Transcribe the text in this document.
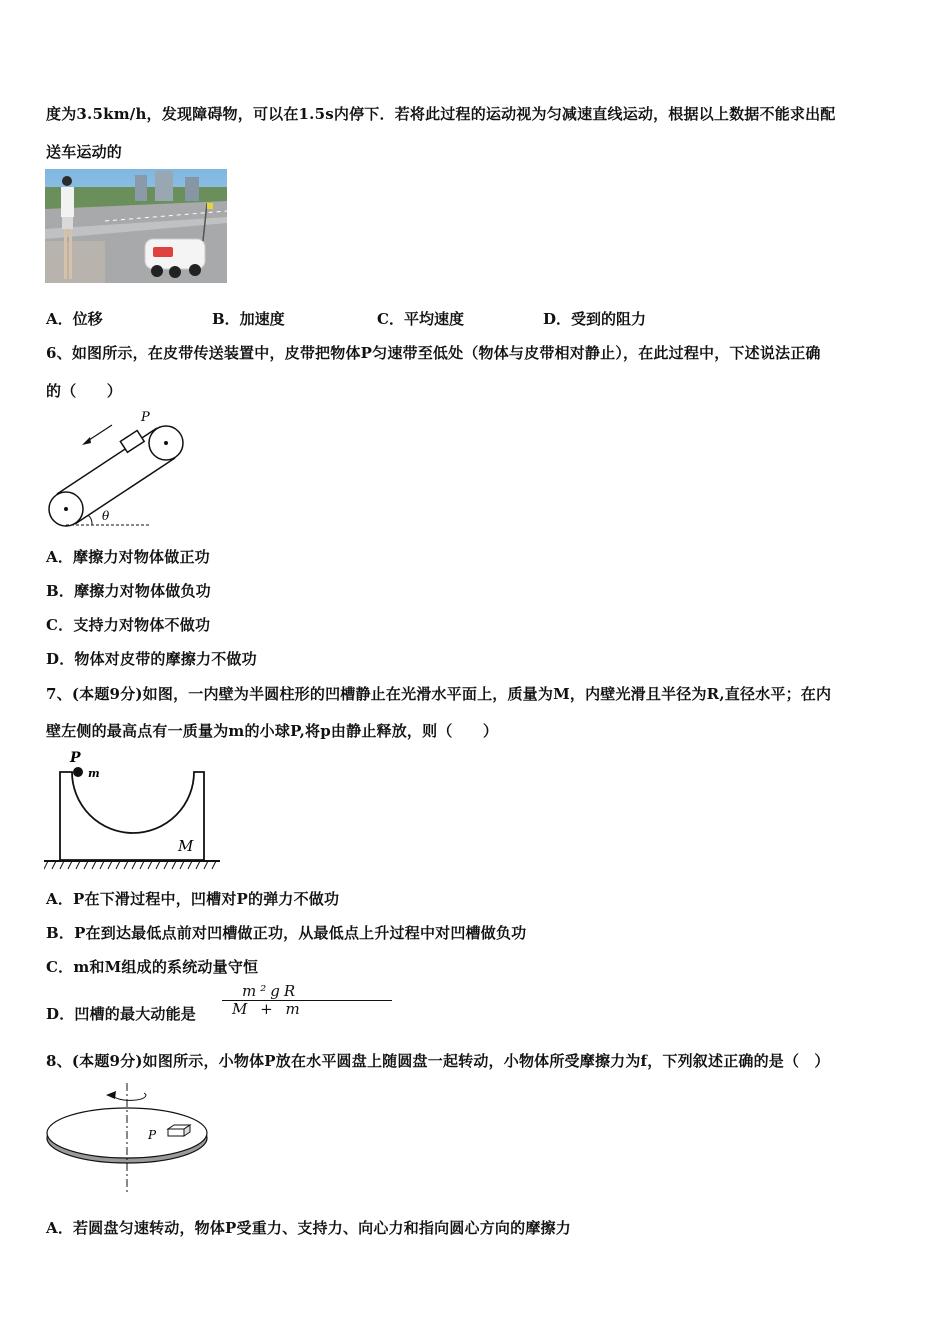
度为3.5km/h，发现障碍物，可以在1.5s内停下．若将此过程的运动视为匀减速直线运动，根据以上数据不能求出配
送车运动的
A．位移	B．加速度	C．平均速度	D．受到的阻力
6、如图所示，在皮带传送装置中，皮带把物体P匀速带至低处（物体与皮带相对静止），在此过程中，下述说法正确
的（　　）
P
θ
A．摩擦力对物体做正功
B．摩擦力对物体做负功
C．支持力对物体不做功
D．物体对皮带的摩擦力不做功
7、(本题9分)如图，一内壁为半圆柱形的凹槽静止在光滑水平面上，质量为M，内壁光滑且半径为R,直径水平；在内
壁左侧的最高点有一质量为m的小球P,将p由静止释放，则（　　）
P
m
M
A．P在下滑过程中，凹槽对P的弹力不做功
B．P在到达最低点前对凹槽做正功，从最低点上升过程中对凹槽做负功
C．m和M组成的系统动量守恒
D．凹槽的最大动能是
m²gR
M + m
8、(本题9分)如图所示，小物体P放在水平圆盘上随圆盘一起转动，小物体所受摩擦力为f，下列叙述正确的是（　）
P
A．若圆盘匀速转动，物体P受重力、支持力、向心力和指向圆心方向的摩擦力
